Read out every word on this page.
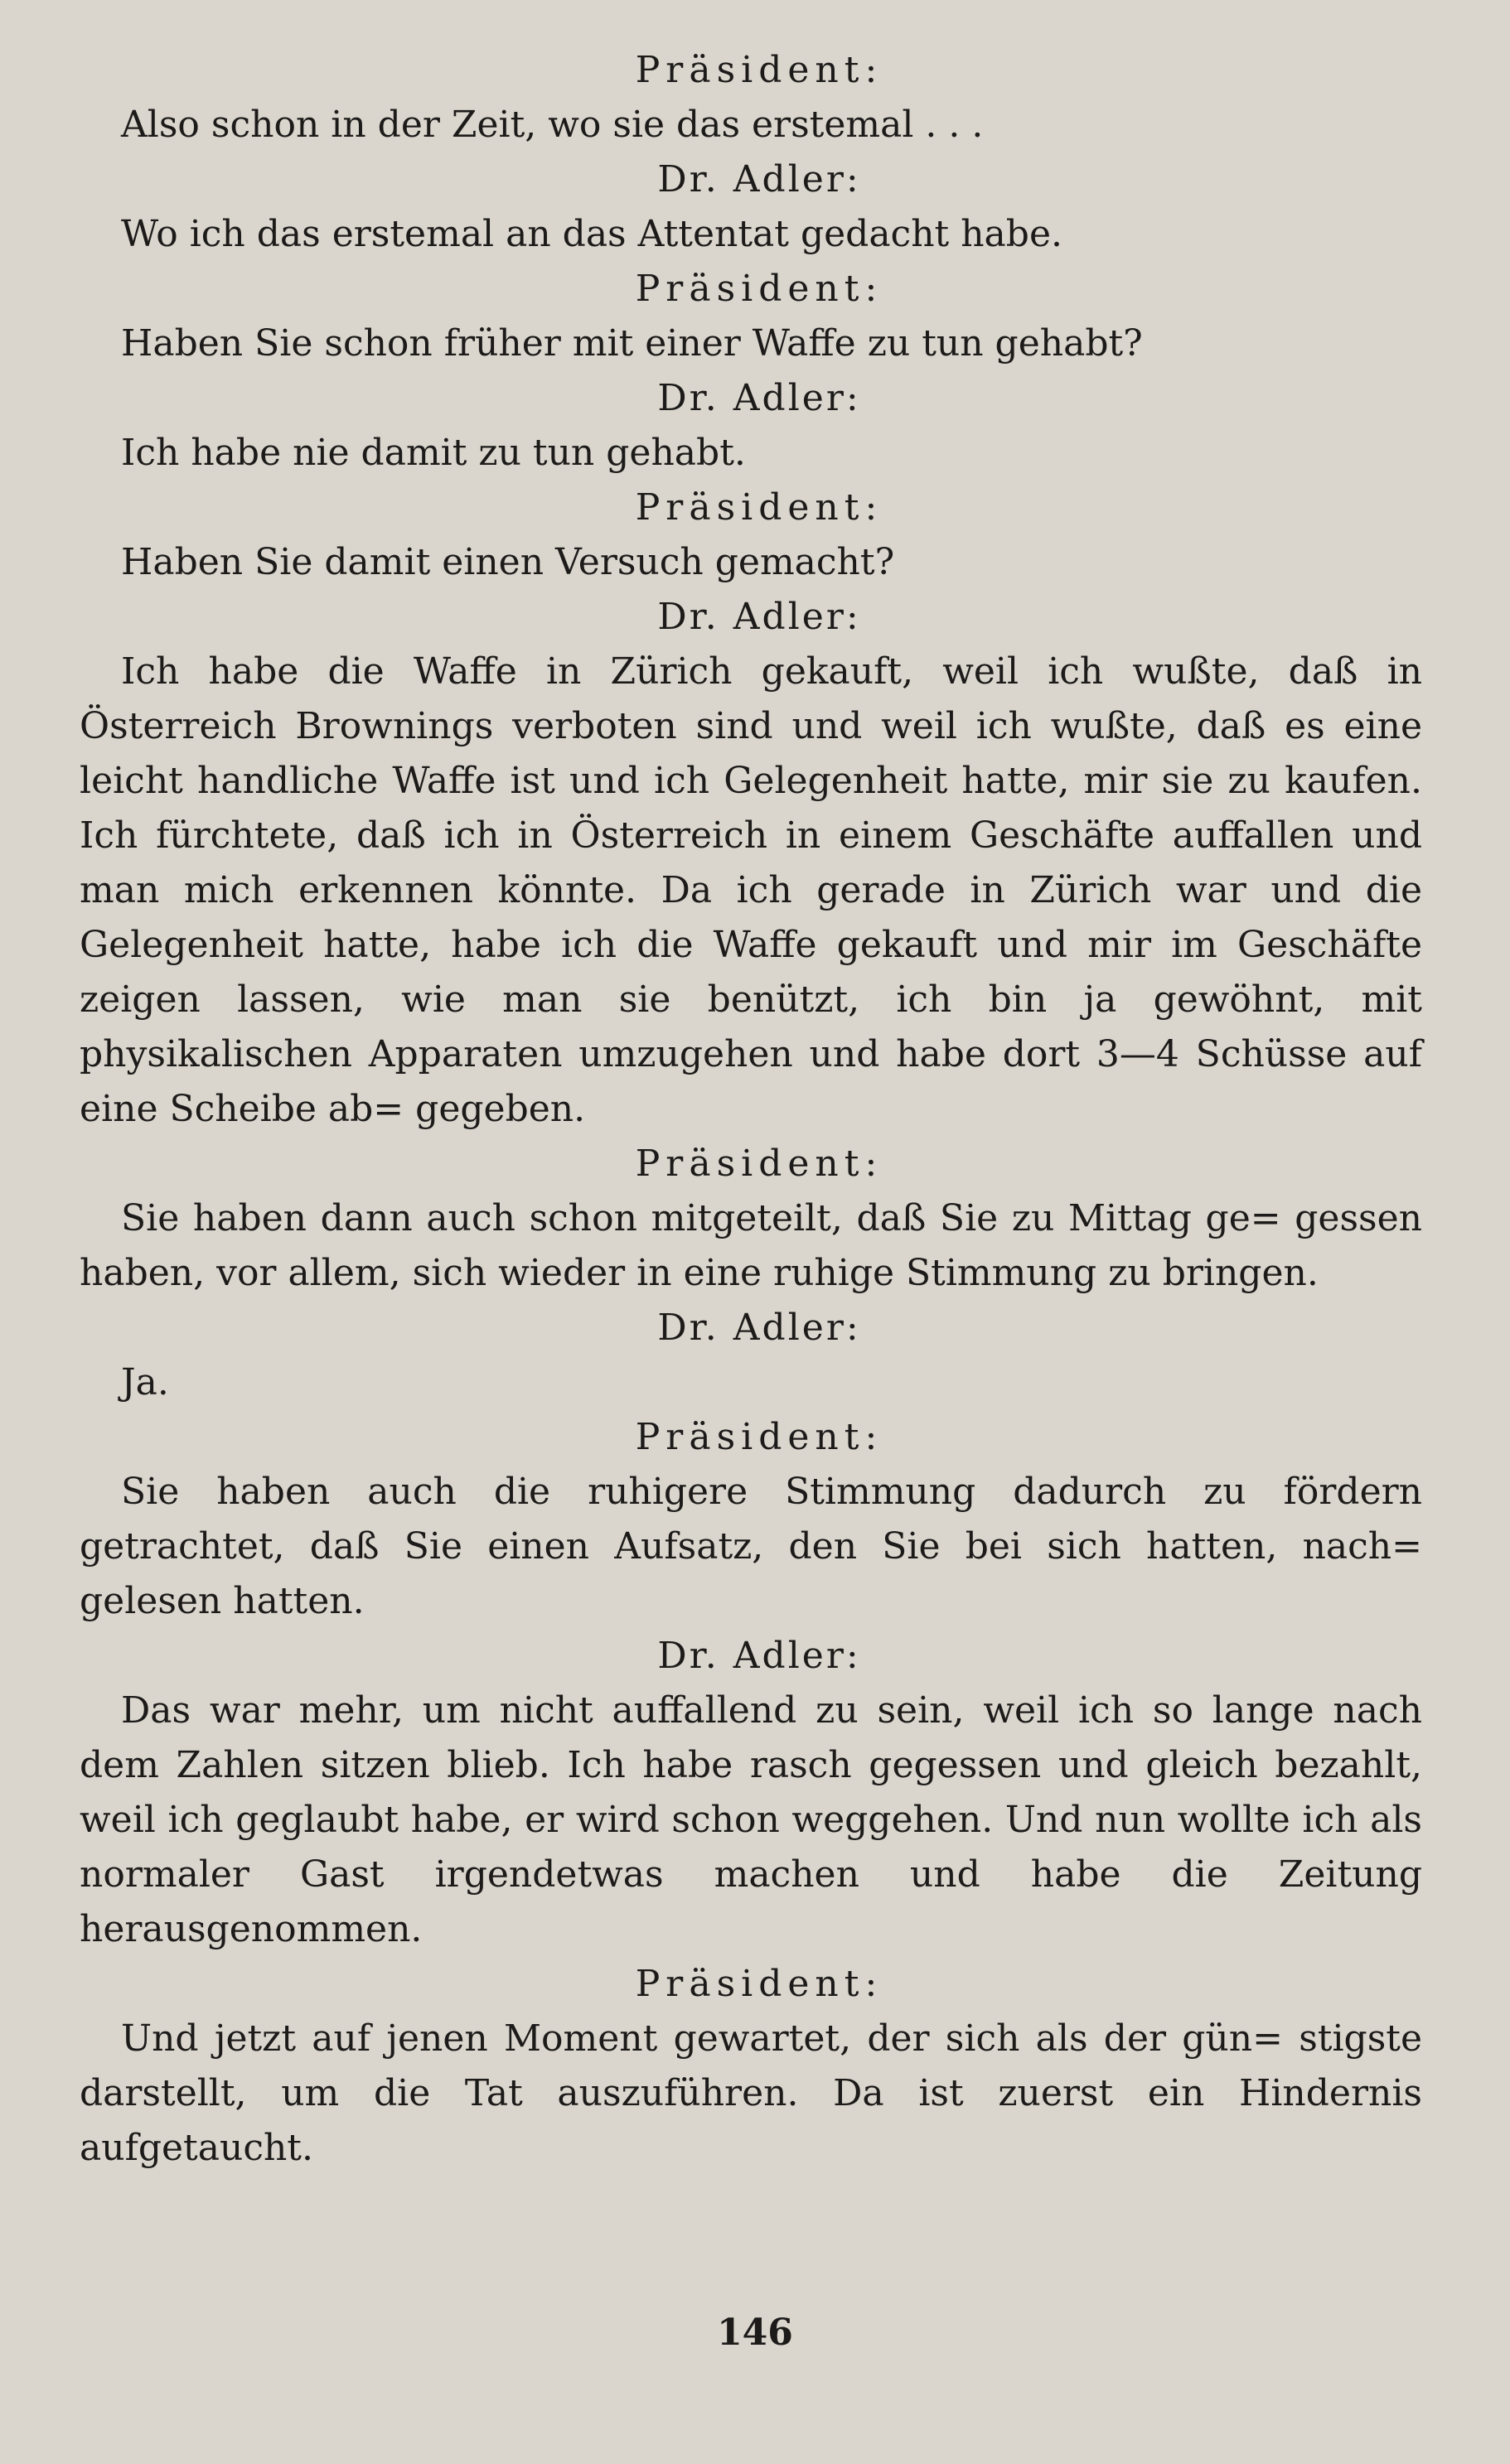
Präsident:
Also schon in der Zeit, wo sie das erstemal . . .
Dr. Adler:
Wo ich das erstemal an das Attentat gedacht habe.
Präsident:
Haben Sie schon früher mit einer Waffe zu tun gehabt?
Dr. Adler:
Ich habe nie damit zu tun gehabt.
Präsident:
Haben Sie damit einen Versuch gemacht?
Dr. Adler:
Ich habe die Waffe in Zürich gekauft, weil ich wußte, daß in Österreich Brownings verboten sind und weil ich wußte, daß es eine leicht handliche Waffe ist und ich Gelegenheit hatte, mir sie zu kaufen. Ich fürchtete, daß ich in Österreich in einem Geschäfte auffallen und man mich erkennen könnte. Da ich gerade in Zürich war und die Gelegenheit hatte, habe ich die Waffe gekauft und mir im Geschäfte zeigen lassen, wie man sie benützt, ich bin ja gewöhnt, mit physikalischen Apparaten umzugehen und habe dort 3—4 Schüsse auf eine Scheibe ab= gegeben.
Präsident:
Sie haben dann auch schon mitgeteilt, daß Sie zu Mittag ge= gessen haben, vor allem, sich wieder in eine ruhige Stimmung zu bringen.
Dr. Adler:
Ja.
Präsident:
Sie haben auch die ruhigere Stimmung dadurch zu fördern getrachtet, daß Sie einen Aufsatz, den Sie bei sich hatten, nach= gelesen hatten.
Dr. Adler:
Das war mehr, um nicht auffallend zu sein, weil ich so lange nach dem Zahlen sitzen blieb. Ich habe rasch gegessen und gleich bezahlt, weil ich geglaubt habe, er wird schon weggehen. Und nun wollte ich als normaler Gast irgendetwas machen und habe die Zeitung herausgenommen.
Präsident:
Und jetzt auf jenen Moment gewartet, der sich als der gün= stigste darstellt, um die Tat auszuführen. Da ist zuerst ein Hindernis aufgetaucht.
146
